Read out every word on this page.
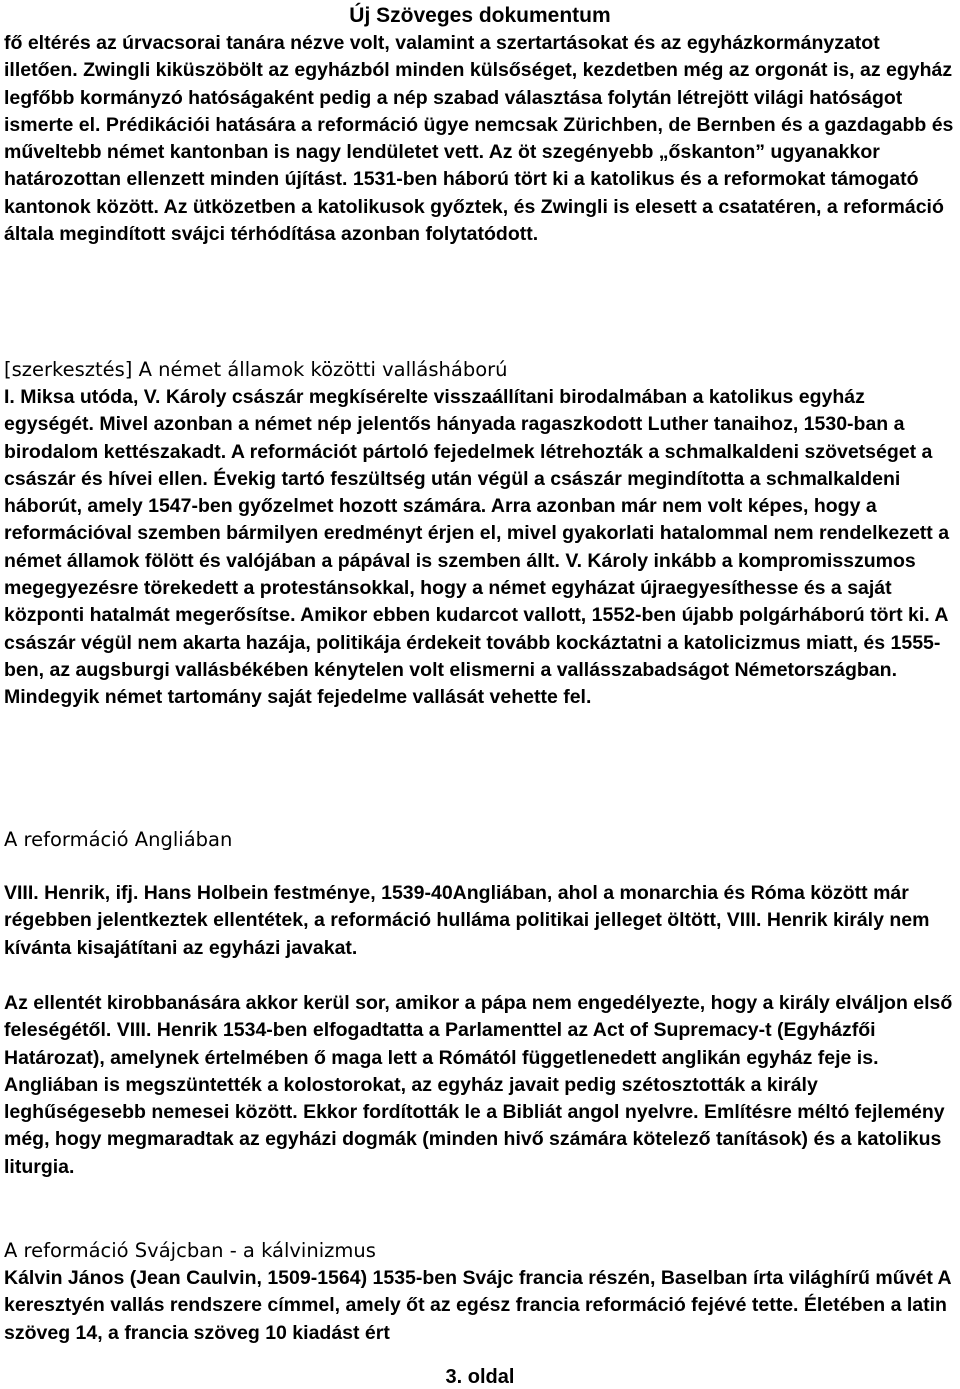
Új Szöveges dokumentum

fő eltérés az úrvacsorai tanára nézve volt, valamint a szertartásokat és az egyházkormányzatot illetően. Zwingli kiküszöbölt az egyházból minden külsőséget, kezdetben még az orgonát is, az egyház legfőbb kormányzó hatóságaként pedig a nép szabad választása folytán létrejött világi hatóságot ismerte el. Prédikációi hatására a reformáció ügye nemcsak Zürichben, de Bernben és a gazdagabb és műveltebb német kantonban is nagy lendületet vett. Az öt szegényebb „őskanton” ugyanakkor határozottan ellenzett minden újítást. 1531-ben háború tört ki a katolikus és a reformokat támogató kantonok között. Az ütközetben a katolikusok győztek, és Zwingli is elesett a csatatéren, a reformáció általa megindított svájci térhódítása azonban folytatódott.

[szerkesztés] A német államok közötti vallásháború

I. Miksa utóda, V. Károly császár megkísérelte visszaállítani birodalmában a katolikus egyház egységét. Mivel azonban a német nép jelentős hányada ragaszkodott Luther tanaihoz, 1530-ban a birodalom kettészakadt. A reformációt pártoló fejedelmek létrehozták a schmalkaldeni szövetséget a császár és hívei ellen. Évekig tartó feszültség után végül a császár megindította a schmalkaldeni háborút, amely 1547-ben győzelmet hozott számára. Arra azonban már nem volt képes, hogy a reformációval szemben bármilyen eredményt érjen el, mivel gyakorlati hatalommal nem rendelkezett a német államok fölött és valójában a pápával is szemben állt. V. Károly inkább a kompromisszumos megegyezésre törekedett a protestánsokkal, hogy a német egyházat újraegyesíthesse és a saját központi hatalmát megerősítse. Amikor ebben kudarcot vallott, 1552-ben újabb polgárháború tört ki. A császár végül nem akarta hazája, politikája érdekeit tovább kockáztatni a katolicizmus miatt, és 1555-ben, az augsburgi vallásbékében kénytelen volt elismerni a vallásszabadságot Németországban. Mindegyik német tartomány saját fejedelme vallását vehette fel.

A reformáció Angliában

VIII. Henrik, ifj. Hans Holbein festménye, 1539-40Angliában, ahol a monarchia és Róma között már régebben jelentkeztek ellentétek, a reformáció hulláma politikai jelleget öltött, VIII. Henrik király nem kívánta kisajátítani az egyházi javakat.

Az ellentét kirobbanására akkor kerül sor, amikor a pápa nem engedélyezte, hogy a király elváljon első feleségétől. VIII. Henrik 1534-ben elfogadtatta a Parlamenttel az Act of Supremacy-t (Egyházfői Határozat), amelynek értelmében ő maga lett a Rómától függetlenedett anglikán egyház feje is. Angliában is megszüntették a kolostorokat, az egyház javait pedig szétosztották a király leghűségesebb nemesei között. Ekkor fordították le a Bibliát angol nyelvre. Említésre méltó fejlemény még, hogy megmaradtak az egyházi dogmák (minden hivő számára kötelező tanítások) és a katolikus liturgia.

A reformáció Svájcban - a kálvinizmus

Kálvin János (Jean Caulvin, 1509-1564) 1535-ben Svájc francia részén, Baselban írta világhírű művét A keresztyén vallás rendszere címmel, amely őt az egész francia reformáció fejévé tette. Életében a latin szöveg 14, a francia szöveg 10 kiadást ért

3. oldal
